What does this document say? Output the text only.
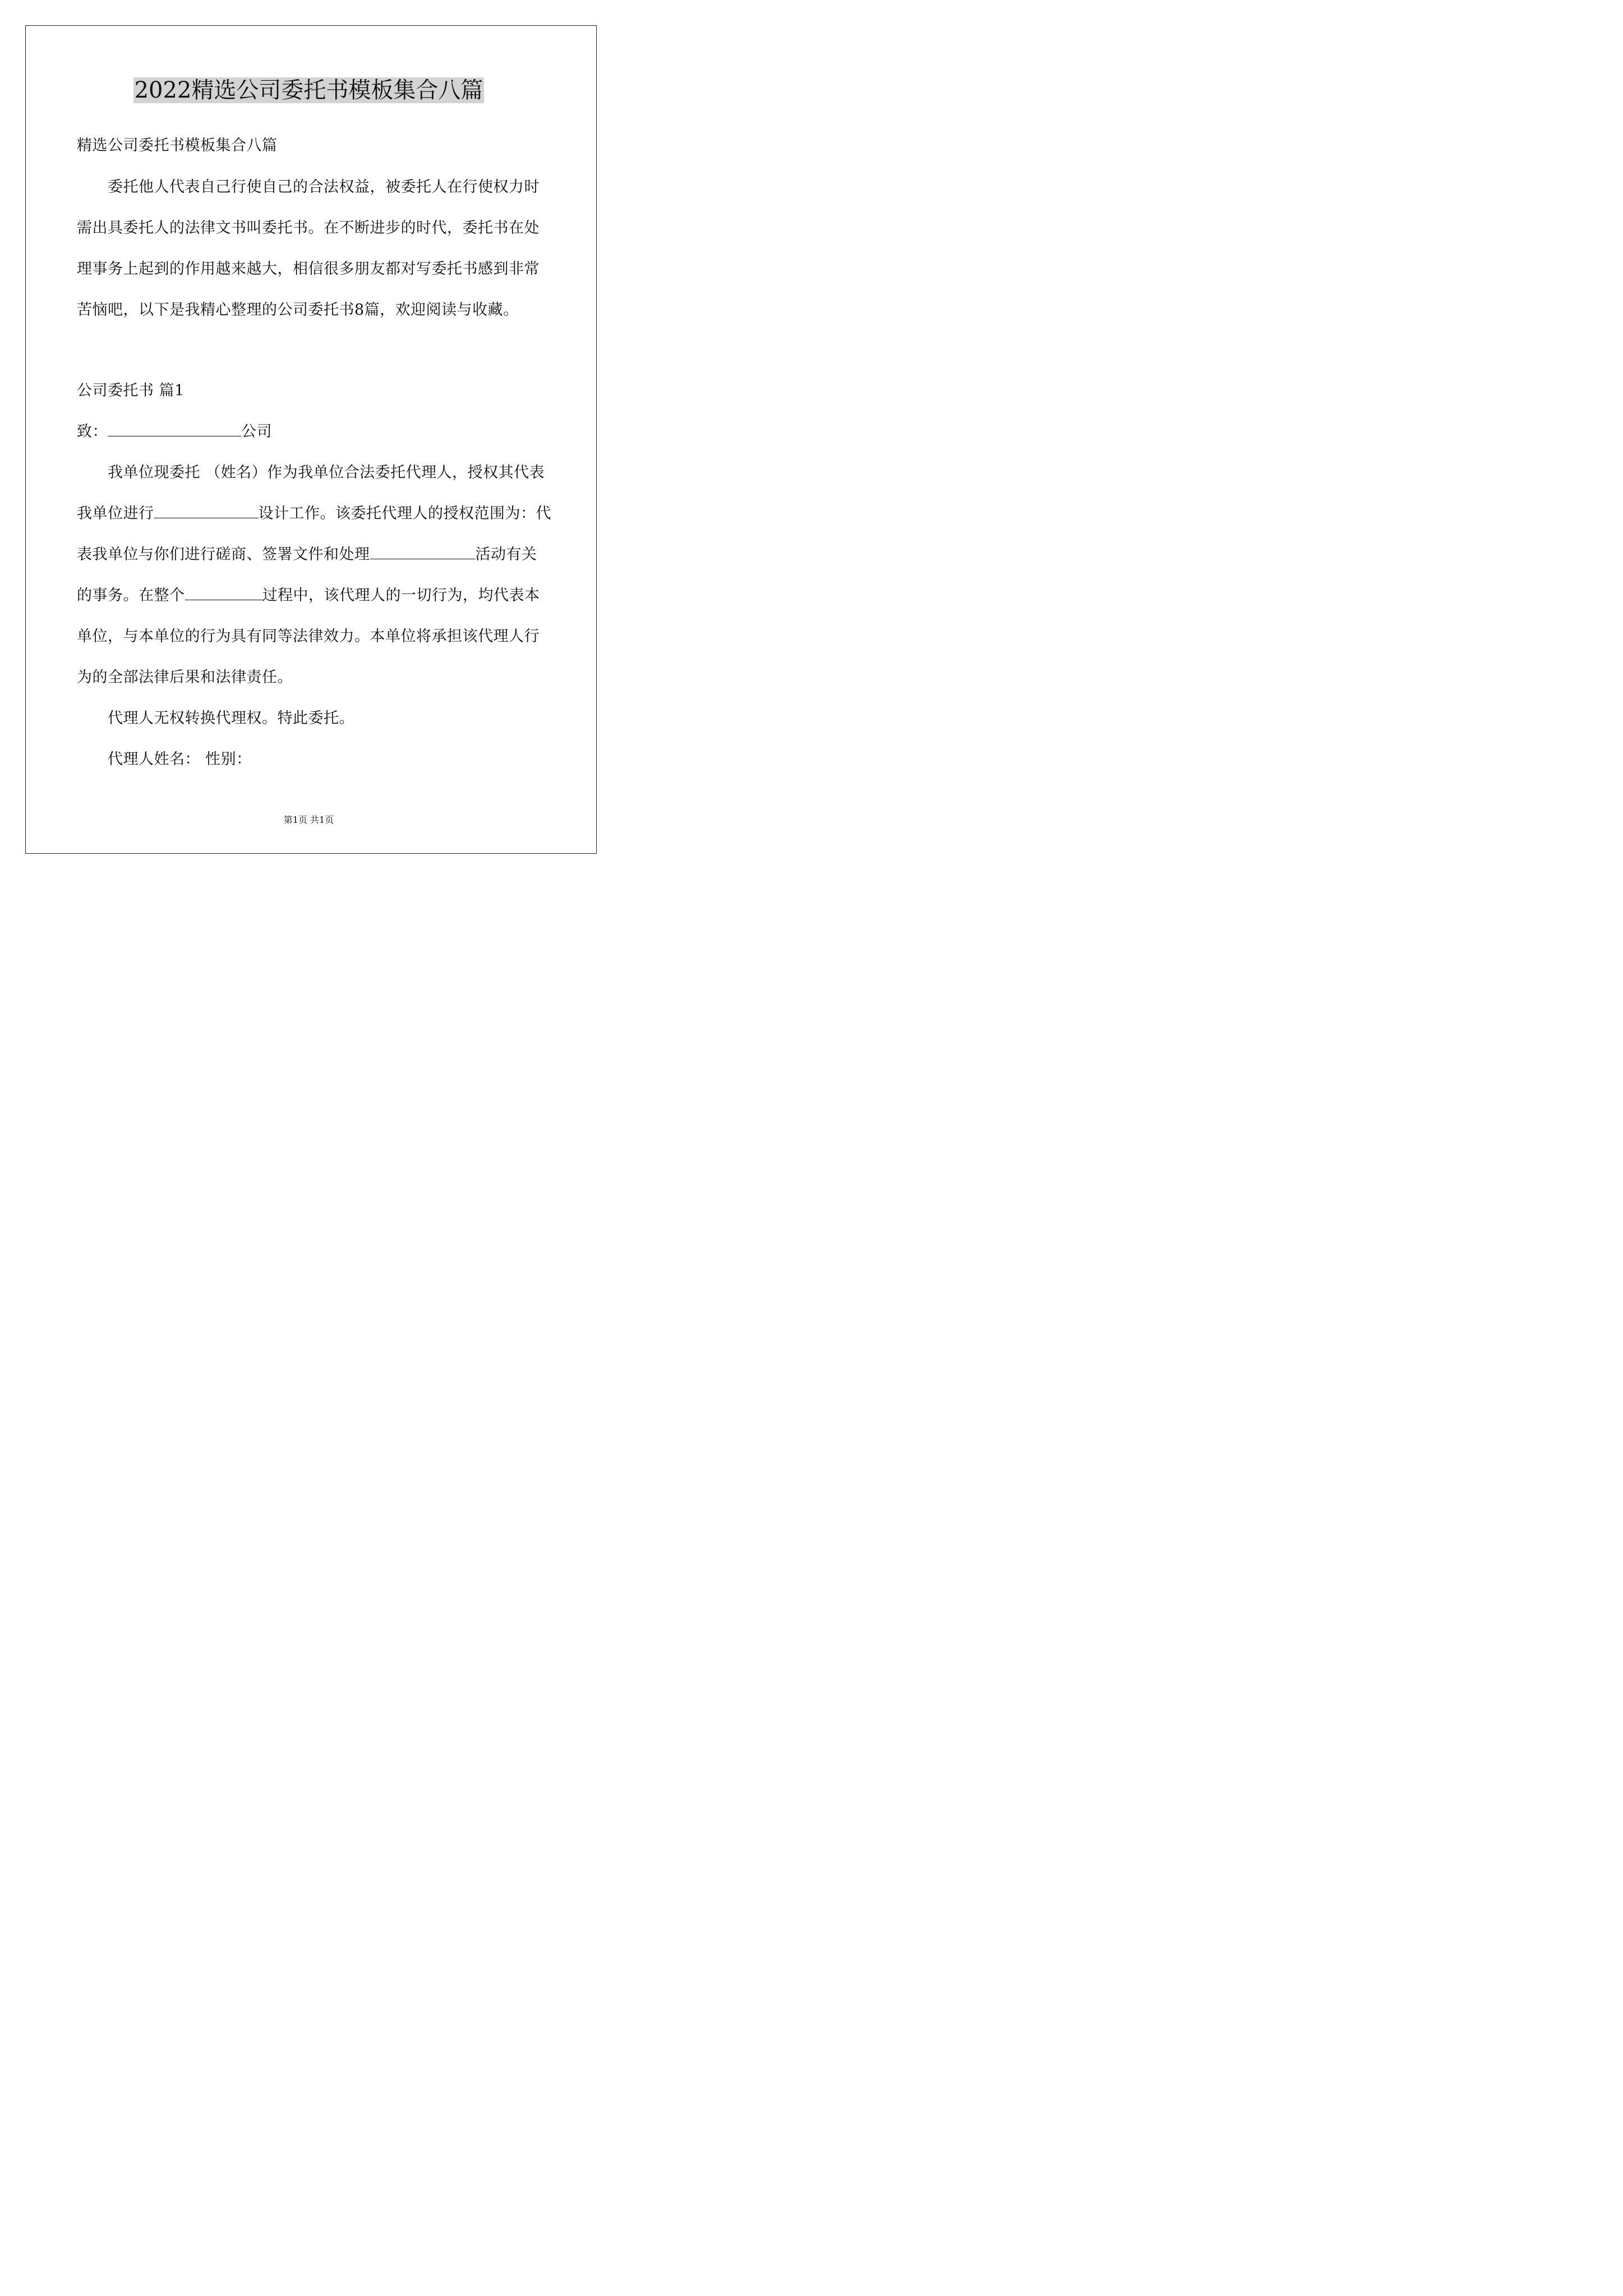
2022精选公司委托书模板集合八篇
精选公司委托书模板集合八篇
委托他人代表自己行使自己的合法权益，被委托人在行使权力时
需出具委托人的法律文书叫委托书。在不断进步的时代，委托书在处
理事务上起到的作用越来越大，相信很多朋友都对写委托书感到非常
苦恼吧，以下是我精心整理的公司委托书8篇，欢迎阅读与收藏。
公司委托书 篇1
致：	公司
我单位现委托 （姓名）作为我单位合法委托代理人，授权其代表
我单位进行	设计工作。该委托代理人的授权范围为：代
表我单位与你们进行磋商、签署文件和处理	活动有关
的事务。在整个	过程中，该代理人的一切行为，均代表本
单位，与本单位的行为具有同等法律效力。本单位将承担该代理人行
为的全部法律后果和法律责任。
代理人无权转换代理权。特此委托。
代理人姓名： 性别：
第1页 共1页
